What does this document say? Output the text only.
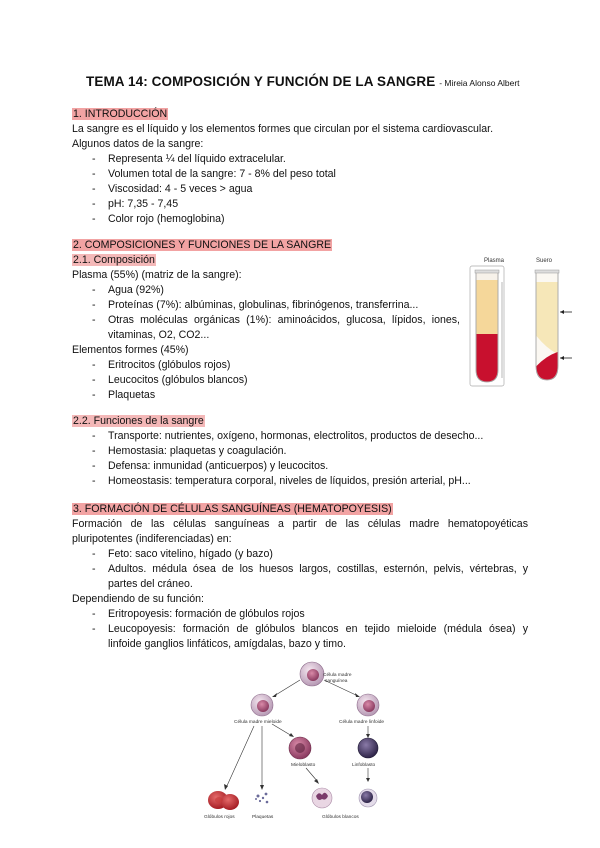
TEMA 14: COMPOSICIÓN Y FUNCIÓN DE LA SANGRE - Mireia Alonso Albert
1. INTRODUCCIÓN
La sangre es el líquido y los elementos formes que circulan por el sistema cardiovascular.
Algunos datos de la sangre:
- Representa ¼ del líquido extracelular.
- Volumen total de la sangre: 7 - 8% del peso total
- Viscosidad: 4 - 5 veces > agua
- pH: 7,35 - 7,45
- Color rojo (hemoglobina)
2. COMPOSICIONES Y FUNCIONES DE LA SANGRE
2.1. Composición
Plasma (55%) (matriz de la sangre):
- Agua (92%)
- Proteínas (7%): albúminas, globulinas, fibrinógenos, transferrina...
- Otras moléculas orgánicas (1%): aminoácidos, glucosa, lípidos, iones,
vitaminas, O2, CO2...
Elementos formes (45%)
- Eritrocitos (glóbulos rojos)
- Leucocitos (glóbulos blancos)
- Plaquetas
Plasma	Suero
2.2. Funciones de la sangre
- Transporte: nutrientes, oxígeno, hormonas, electrolitos, productos de desecho...
- Hemostasia: plaquetas y coagulación.
- Defensa: inmunidad (anticuerpos) y leucocitos.
- Homeostasis: temperatura corporal, niveles de líquidos, presión arterial, pH...
3. FORMACIÓN DE CÉLULAS SANGUÍNEAS (HEMATOPOYESIS)
Formación de las células sanguíneas a partir de las células madre hematopoyéticas
pluripotentes (indiferenciadas) en:
- Feto: saco vitelino, hígado (y bazo)
- Adultos. médula ósea de los huesos largos, costillas, esternón, pelvis, vértebras, y
partes del cráneo.
Dependiendo de su función:
- Eritropoyesis: formación de glóbulos rojos
- Leucopoyesis: formación de glóbulos blancos en tejido mieloide (médula ósea) y
linfoide ganglios linfáticos, amígdalas, bazo y timo.
Célula madre
sanguínea
Célula madre mieloide	Célula madre linfoide
Mieloblasto	Linfoblasto
Glóbulos rojos	Plaquetas	Glóbulos blancos
